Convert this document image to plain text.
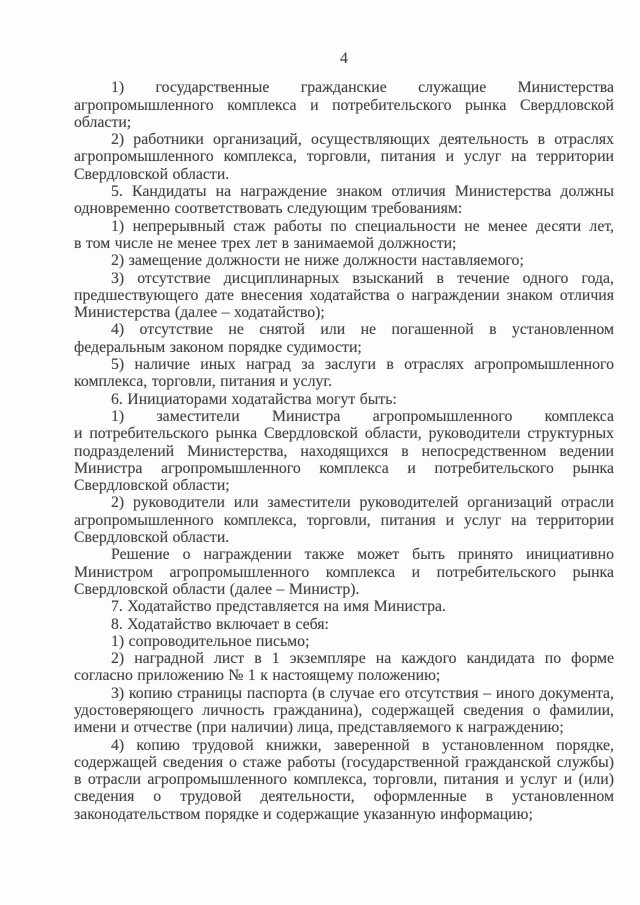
4

1) государственные гражданские служащие Министерства агропромышленного комплекса и потребительского рынка Свердловской области;

2) работники организаций, осуществляющих деятельность в отраслях агропромышленного комплекса, торговли, питания и услуг на территории Свердловской области.

5. Кандидаты на награждение знаком отличия Министерства должны одновременно соответствовать следующим требованиям:

1) непрерывный стаж работы по специальности не менее десяти лет, в том числе не менее трех лет в занимаемой должности;

2) замещение должности не ниже должности наставляемого;

3) отсутствие дисциплинарных взысканий в течение одного года, предшествующего дате внесения ходатайства о награждении знаком отличия Министерства (далее – ходатайство);

4) отсутствие не снятой или не погашенной в установленном федеральным законом порядке судимости;

5) наличие иных наград за заслуги в отраслях агропромышленного комплекса, торговли, питания и услуг.

6. Инициаторами ходатайства могут быть:

1) заместители Министра агропромышленного комплекса и потребительского рынка Свердловской области, руководители структурных подразделений Министерства, находящихся в непосредственном ведении Министра агропромышленного комплекса и потребительского рынка Свердловской области;

2) руководители или заместители руководителей организаций отрасли агропромышленного комплекса, торговли, питания и услуг на территории Свердловской области.

Решение о награждении также может быть принято инициативно Министром агропромышленного комплекса и потребительского рынка Свердловской области (далее – Министр).

7. Ходатайство представляется на имя Министра.

8. Ходатайство включает в себя:

1) сопроводительное письмо;

2) наградной лист в 1 экземпляре на каждого кандидата по форме согласно приложению № 1 к настоящему положению;

3) копию страницы паспорта (в случае его отсутствия – иного документа, удостоверяющего личность гражданина), содержащей сведения о фамилии, имени и отчестве (при наличии) лица, представляемого к награждению;

4) копию трудовой книжки, заверенной в установленном порядке, содержащей сведения о стаже работы (государственной гражданской службы) в отрасли агропромышленного комплекса, торговли, питания и услуг и (или) сведения о трудовой деятельности, оформленные в установленном законодательством порядке и содержащие указанную информацию;
